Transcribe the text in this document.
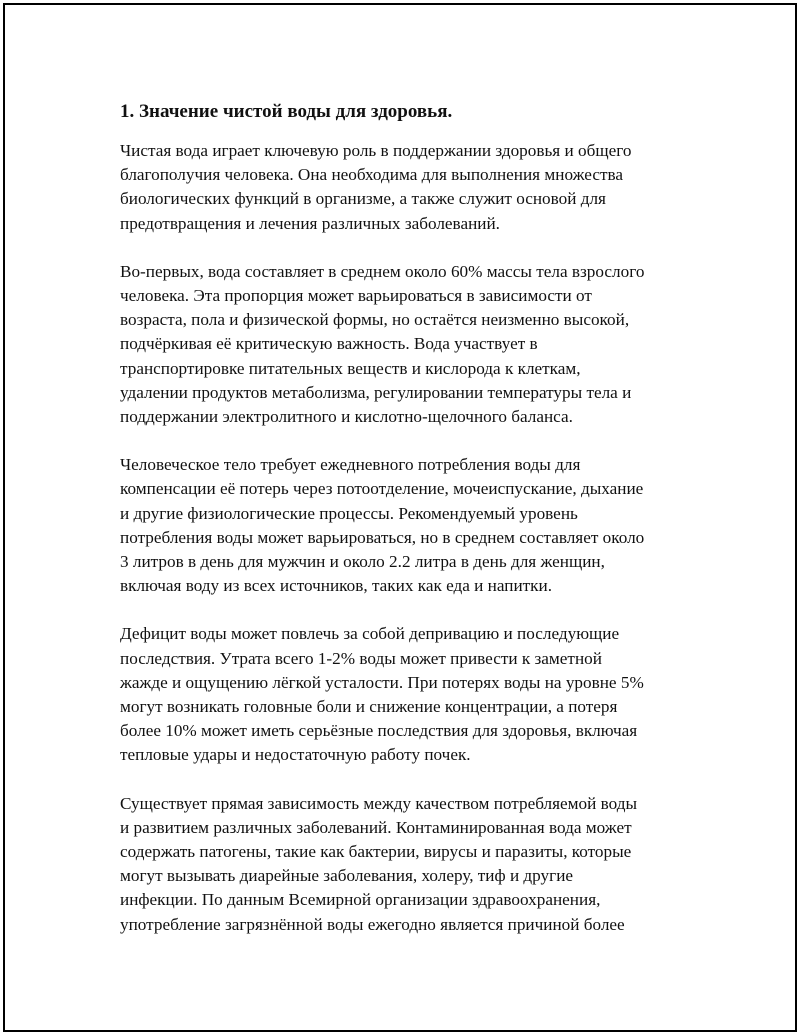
1. Значение чистой воды для здоровья.
Чистая вода играет ключевую роль в поддержании здоровья и общего
благополучия человека. Она необходима для выполнения множества
биологических функций в организме, а также служит основой для
предотвращения и лечения различных заболеваний.
Во-первых, вода составляет в среднем около 60% массы тела взрослого
человека. Эта пропорция может варьироваться в зависимости от
возраста, пола и физической формы, но остаётся неизменно высокой,
подчёркивая её критическую важность. Вода участвует в
транспортировке питательных веществ и кислорода к клеткам,
удалении продуктов метаболизма, регулировании температуры тела и
поддержании электролитного и кислотно-щелочного баланса.
Человеческое тело требует ежедневного потребления воды для
компенсации её потерь через потоотделение, мочеиспускание, дыхание
и другие физиологические процессы. Рекомендуемый уровень
потребления воды может варьироваться, но в среднем составляет около
3 литров в день для мужчин и около 2.2 литра в день для женщин,
включая воду из всех источников, таких как еда и напитки.
Дефицит воды может повлечь за собой депривацию и последующие
последствия. Утрата всего 1-2% воды может привести к заметной
жажде и ощущению лёгкой усталости. При потерях воды на уровне 5%
могут возникать головные боли и снижение концентрации, а потеря
более 10% может иметь серьёзные последствия для здоровья, включая
тепловые удары и недостаточную работу почек.
Существует прямая зависимость между качеством потребляемой воды
и развитием различных заболеваний. Контаминированная вода может
содержать патогены, такие как бактерии, вирусы и паразиты, которые
могут вызывать диарейные заболевания, холеру, тиф и другие
инфекции. По данным Всемирной организации здравоохранения,
употребление загрязнённой воды ежегодно является причиной более
